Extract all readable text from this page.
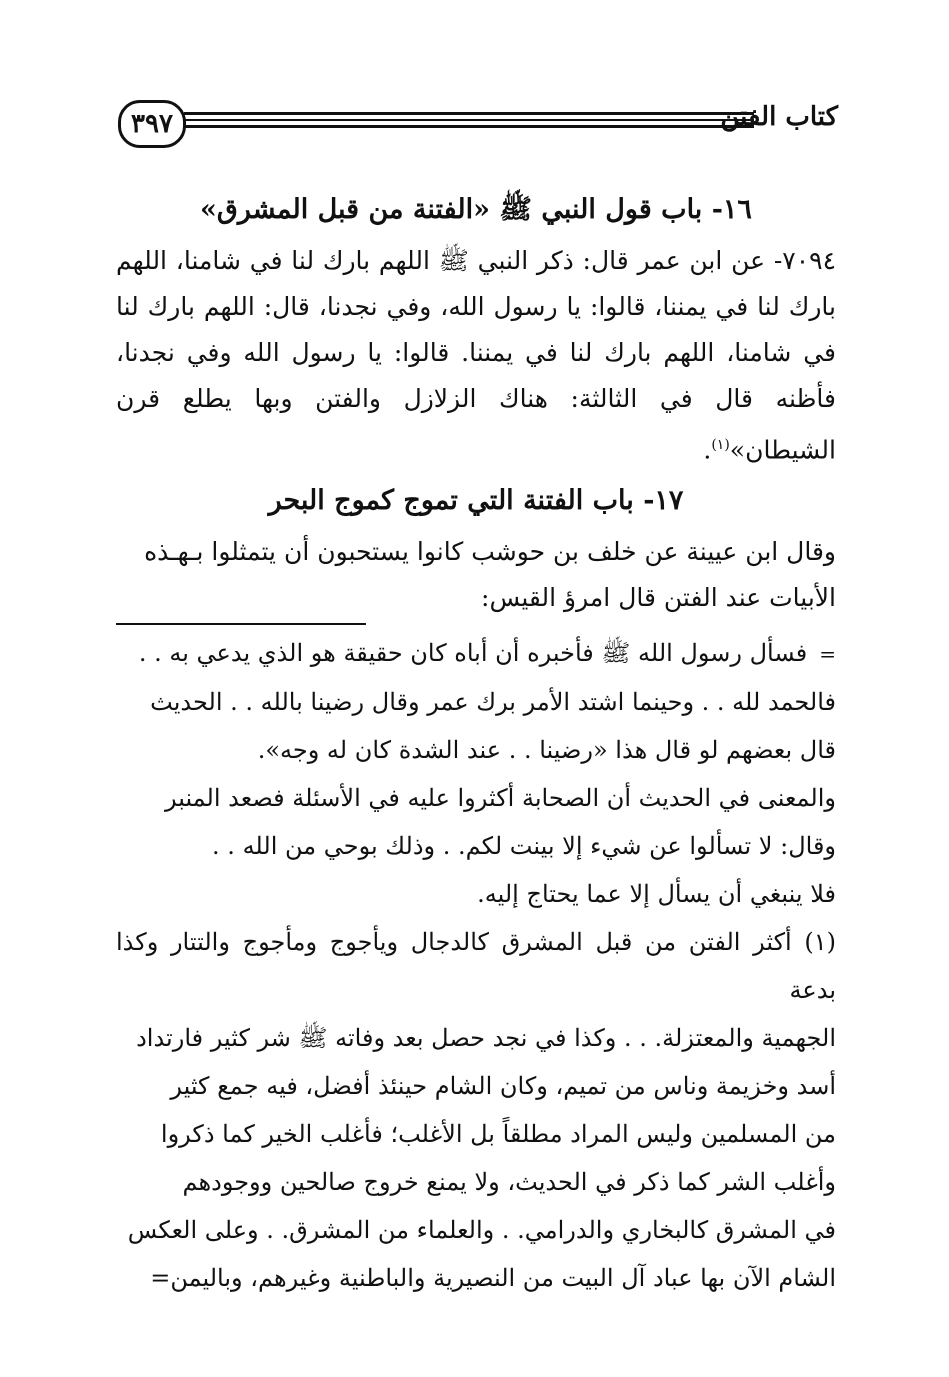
٣٩٧	كتاب الفتن
١٦- باب قول النبي ﷺ «الفتنة من قبل المشرق»

٧٠٩٤- عن ابن عمر قال: ذكر النبي ﷺ اللهم بارك لنا في شامنا، اللهم بارك لنا في يمننا، قالوا: يا رسول الله، وفي نجدنا، قال: اللهم بارك لنا في شامنا، اللهم بارك لنا في يمننا. قالوا: يا رسول الله وفي نجدنا، فأظنه قال في الثالثة: هناك الزلازل والفتن وبها يطلع قرن الشيطان»$^{(١)}$.

١٧- باب الفتنة التي تموج كموج البحر

وقال ابن عيينة عن خلف بن حوشب كانوا يستحبون أن يتمثلوا بـهـذه

الأبيات عند الفتن قال امرؤ القيس:

=فسأل رسول الله ﷺ فأخبره أن أباه كان حقيقة هو الذي يدعي به . .

فالحمد لله . . وحينما اشتد الأمر برك عمر وقال رضينا بالله . . الحديث

قال بعضهم لو قال هذا «رضينا . . عند الشدة كان له وجه».

والمعنى في الحديث أن الصحابة أكثروا عليه في الأسئلة فصعد المنبر

وقال: لا تسألوا عن شيء إلا بينت لكم. . وذلك بوحي من الله . .

فلا ينبغي أن يسأل إلا عما يحتاج إليه.

(١) أكثر الفتن من قبل المشرق كالدجال ويأجوج ومأجوج والتتار وكذا بدعة

الجهمية والمعتزلة. . . وكذا في نجد حصل بعد وفاته ﷺ شر كثير فارتداد

أسد وخزيمة وناس من تميم، وكان الشام حينئذ أفضل، فيه جمع كثير

من المسلمين وليس المراد مطلقاً بل الأغلب؛ فأغلب الخير كما ذكروا

وأغلب الشر كما ذكر في الحديث، ولا يمنع خروج صالحين ووجودهم

في المشرق كالبخاري والدرامي. . والعلماء من المشرق. . وعلى العكس

الشام الآن بها عباد آل البيت من النصيرية والباطنية وغيرهم، وباليمن=
